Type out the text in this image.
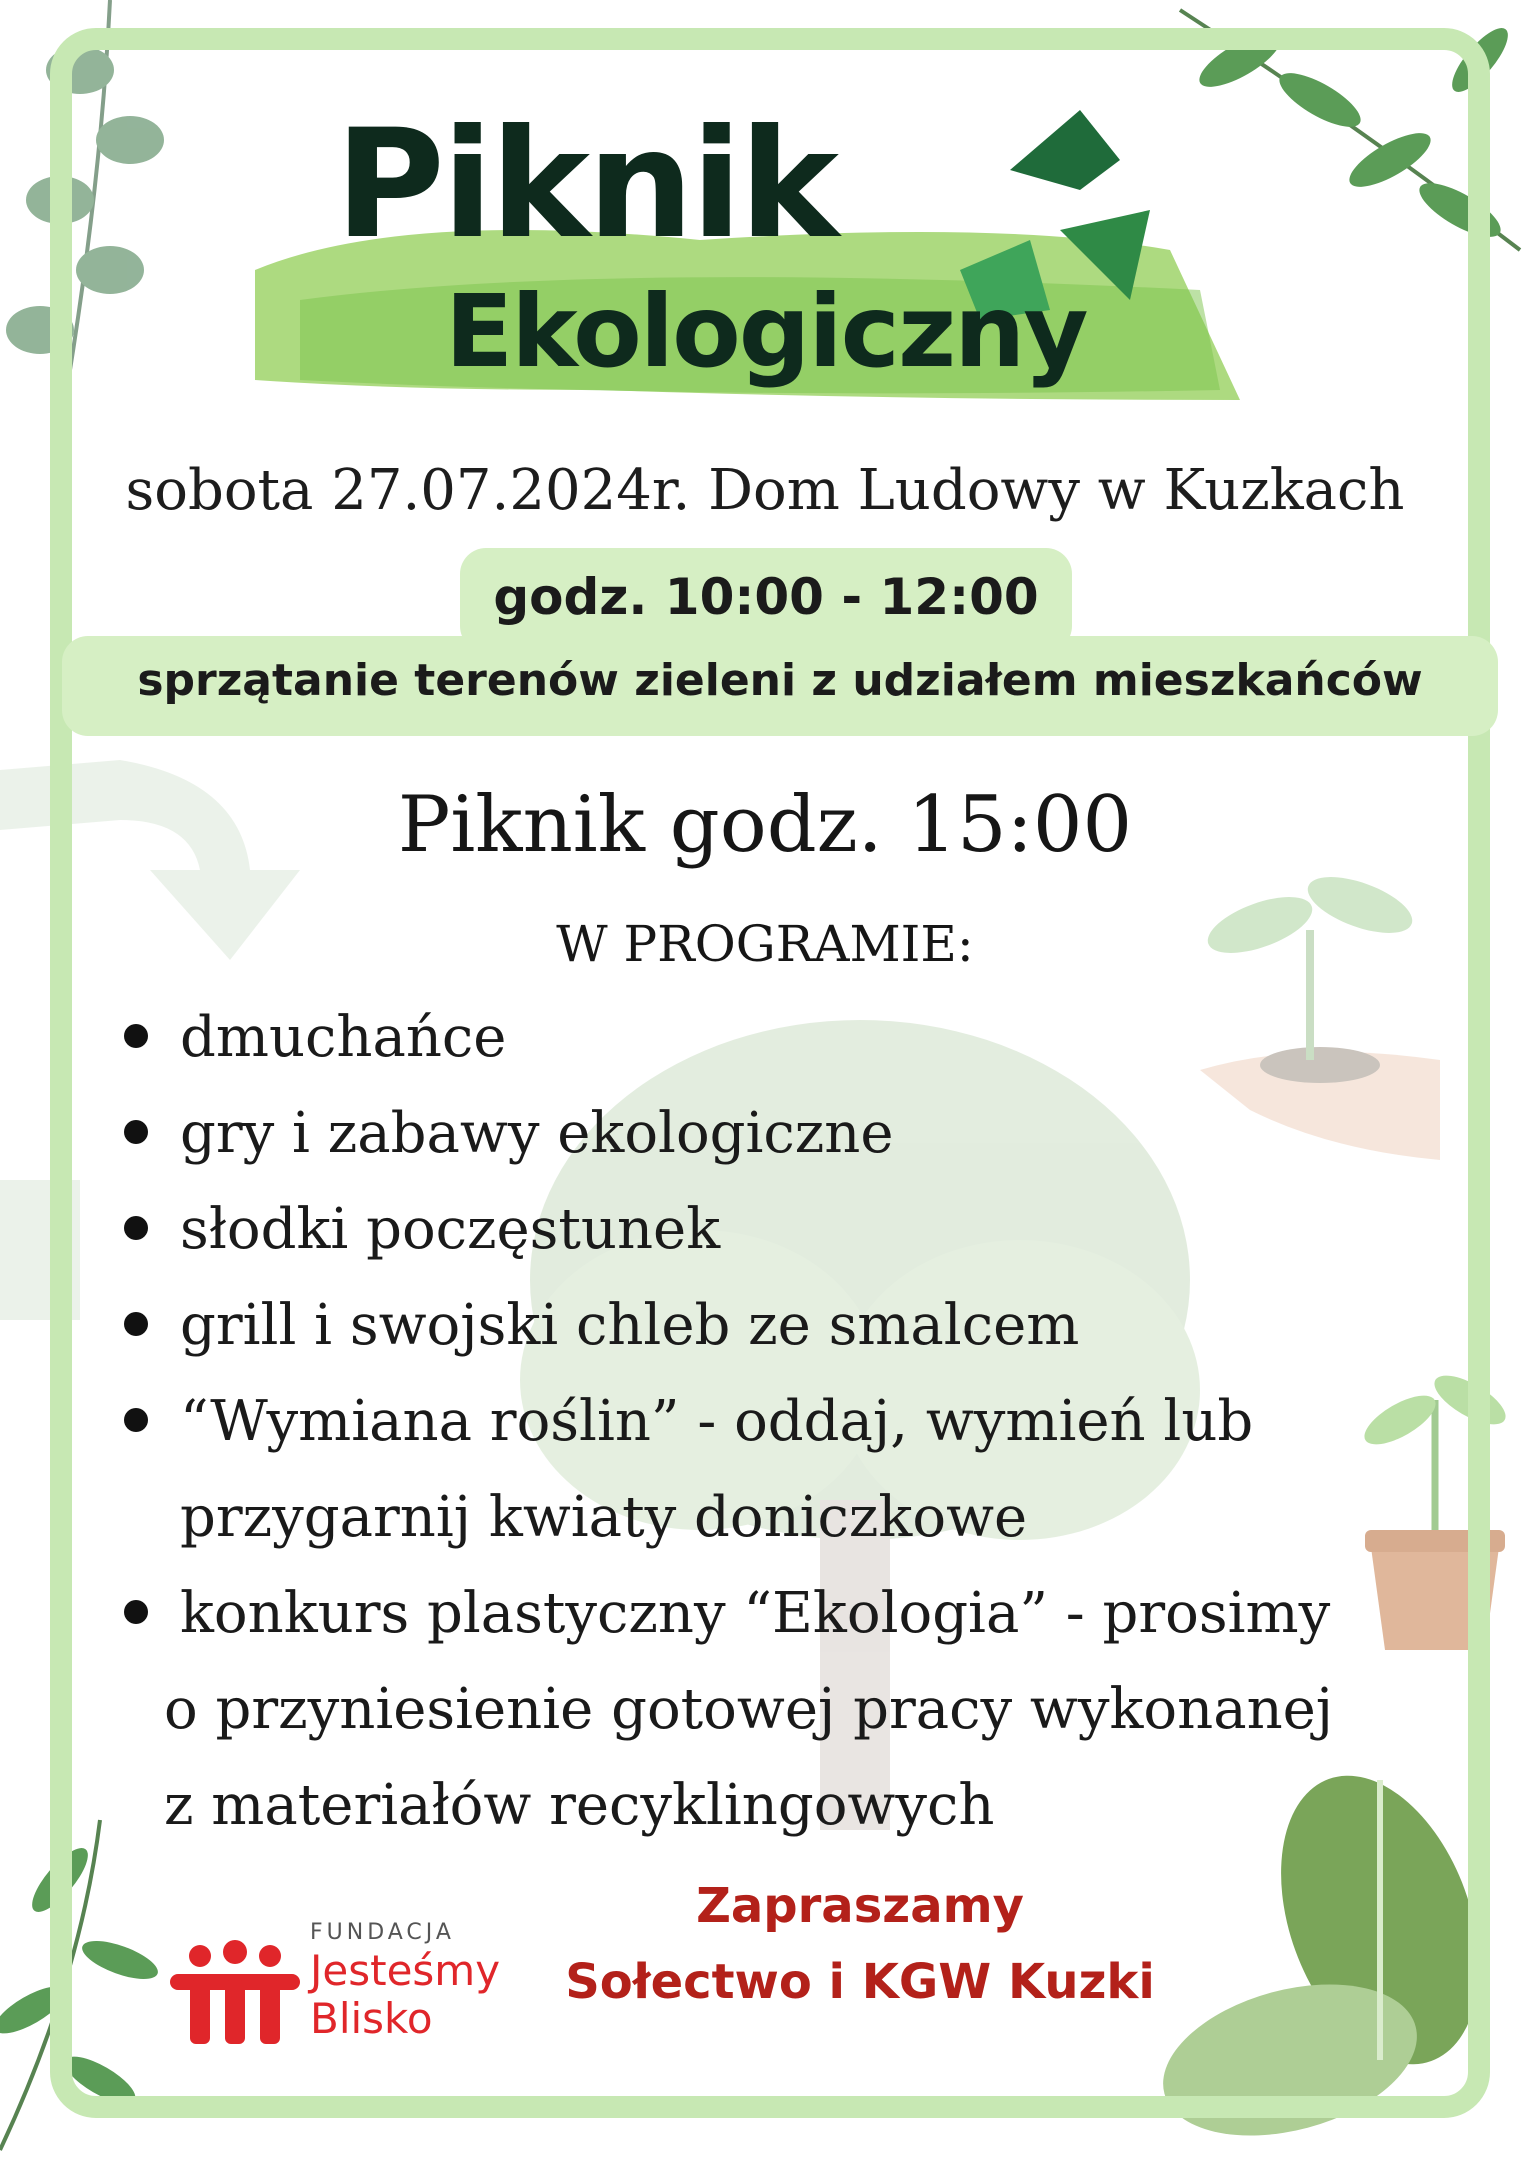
Piknik
Ekologiczny
sobota 27.07.2024r. Dom Ludowy w Kuzkach
godz. 10:00 - 12:00
sprzątanie terenów zieleni z udziałem mieszkańców
Piknik godz. 15:00
W PROGRAMIE:
dmuchańce
gry i zabawy ekologiczne
słodki poczęstunek
grill i swojski chleb ze smalcem
“Wymiana roślin” - oddaj, wymień lub
przygarnij kwiaty doniczkowe
konkurs plastyczny “Ekologia” - prosimy
o przyniesienie gotowej pracy wykonanej
z materiałów recyklingowych
FUNDACJA
Jesteśmy
Blisko
Zapraszamy
Sołectwo i KGW Kuzki
